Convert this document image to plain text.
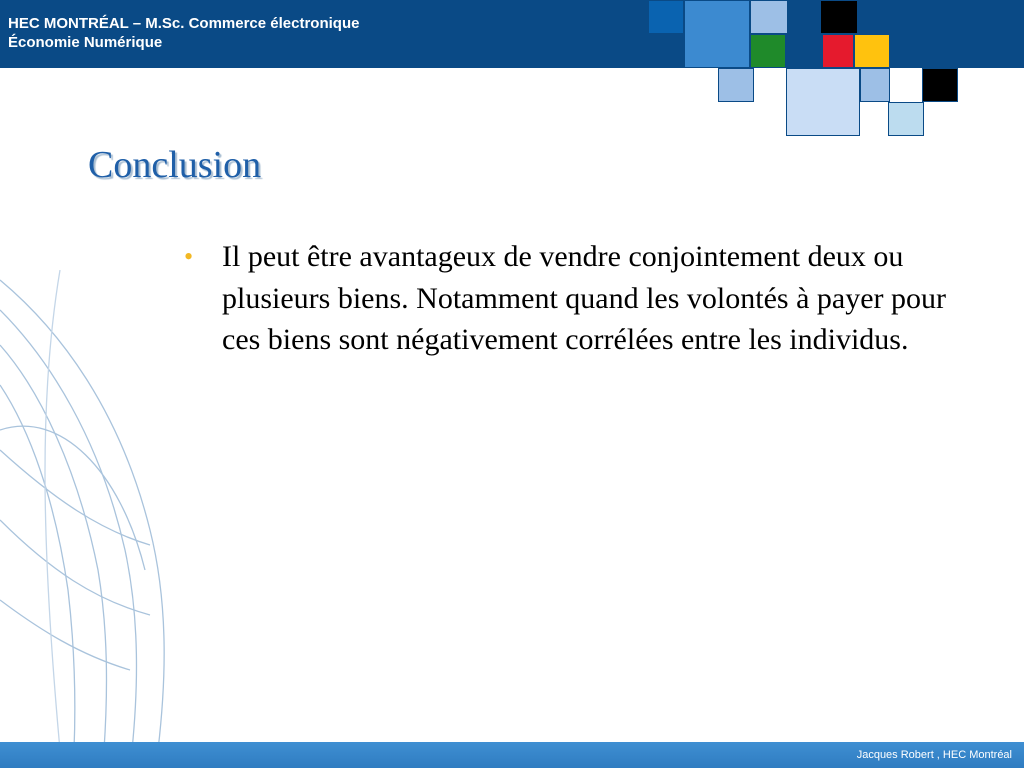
HEC MONTRÉAL – M.Sc. Commerce électronique
Économie Numérique
Conclusion
• Il peut être avantageux de vendre conjointement deux ou plusieurs biens. Notamment quand les volontés à payer pour ces biens sont négativement corrélées entre les individus.
Jacques Robert , HEC Montréal
